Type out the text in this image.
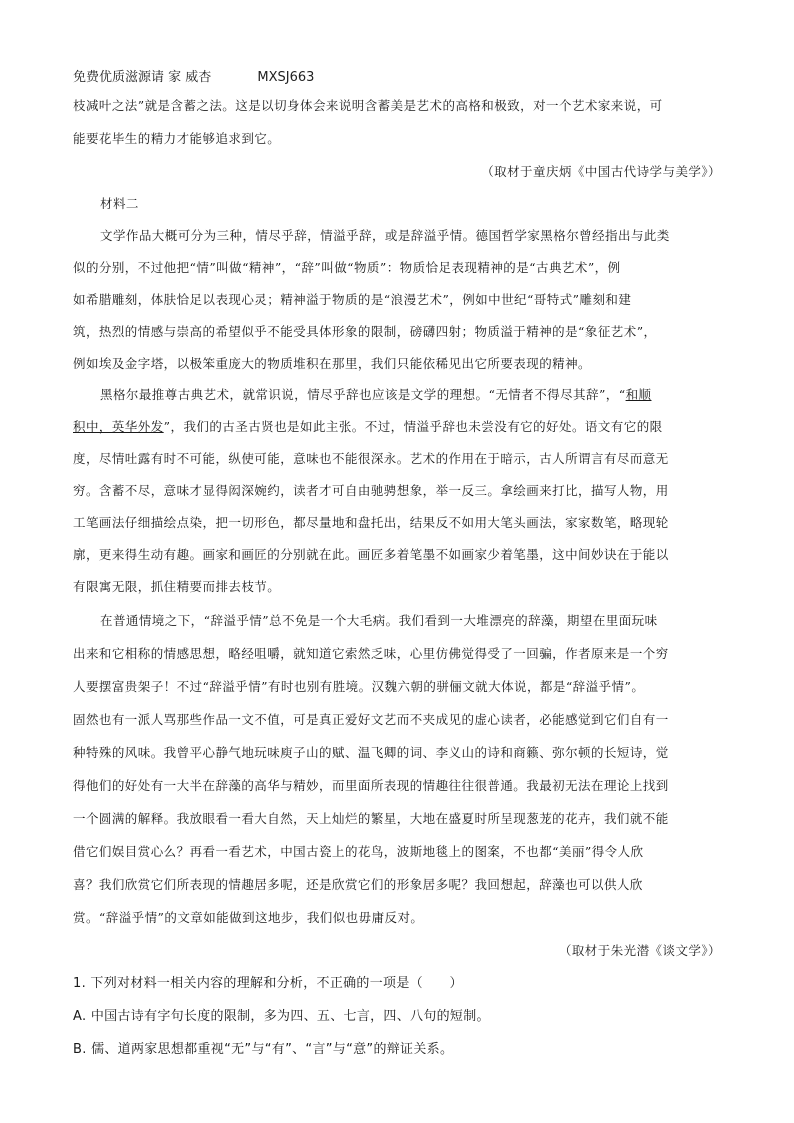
免费优质滋源请 家 威杏	MXSJ663
枝减叶之法”就是含蓄之法。这是以切身体会来说明含蓄美是艺术的高格和极致，对一个艺术家来说，可
能要花毕生的精力才能够追求到它。
（取材于童庆炳《中国古代诗学与美学》）
材料二
文学作品大概可分为三种，情尽乎辞，情溢乎辞，或是辞溢乎情。德国哲学家黑格尔曾经指出与此类
似的分别，不过他把“情”叫做“精神”，“辞”叫做“物质”：物质恰足表现精神的是“古典艺术”，例
如希腊雕刻，体肤恰足以表现心灵；精神溢于物质的是“浪漫艺术”，例如中世纪“哥特式”雕刻和建
筑，热烈的情感与崇高的希望似乎不能受具体形象的限制，磅礴四射；物质溢于精神的是“象征艺术”，
例如埃及金字塔，以极笨重庞大的物质堆积在那里，我们只能依稀见出它所要表现的精神。
黑格尔最推尊古典艺术，就常识说，情尽乎辞也应该是文学的理想。“无情者不得尽其辞”，“和顺
积中，英华外发”，我们的古圣古贤也是如此主张。不过，情溢乎辞也未尝没有它的好处。语文有它的限
度，尽情吐露有时不可能，纵使可能，意味也不能很深永。艺术的作用在于暗示，古人所谓言有尽而意无
穷。含蓄不尽，意味才显得闳深婉约，读者才可自由驰骋想象，举一反三。拿绘画来打比，描写人物，用
工笔画法仔细描绘点染，把一切形色，都尽量地和盘托出，结果反不如用大笔头画法，家家数笔，略现轮
廓，更来得生动有趣。画家和画匠的分别就在此。画匠多着笔墨不如画家少着笔墨，这中间妙诀在于能以
有限寓无限，抓住精要而排去枝节。
在普通情境之下，“辞溢乎情”总不免是一个大毛病。我们看到一大堆漂亮的辞藻，期望在里面玩味
出来和它相称的情感思想，略经咀嚼，就知道它索然乏味，心里仿佛觉得受了一回骗，作者原来是一个穷
人要摆富贵架子！不过“辞溢乎情”有时也别有胜境。汉魏六朝的骈俪文就大体说，都是“辞溢乎情”。
固然也有一派人骂那些作品一文不值，可是真正爱好文艺而不夹成见的虚心读者，必能感觉到它们自有一
种特殊的风味。我曾平心静气地玩味庾子山的赋、温飞卿的词、李义山的诗和商籁、弥尔顿的长短诗，觉
得他们的好处有一大半在辞藻的高华与精妙，而里面所表现的情趣往往很普通。我最初无法在理论上找到
一个圆满的解释。我放眼看一看大自然，天上灿烂的繁星，大地在盛夏时所呈现葱茏的花卉，我们就不能
借它们娱目赏心么？再看一看艺术，中国古瓷上的花鸟，波斯地毯上的图案，不也都“美丽”得令人欣
喜？我们欣赏它们所表现的情趣居多呢，还是欣赏它们的形象居多呢？我回想起，辞藻也可以供人欣
赏。“辞溢乎情”的文章如能做到这地步，我们似也毋庸反对。
（取材于朱光潜《谈文学》）
1. 下列对材料一相关内容的理解和分析，不正确的一项是（　　）
A. 中国古诗有字句长度的限制，多为四、五、七言，四、八句的短制。
B. 儒、道两家思想都重视“无”与“有”、“言”与“意”的辩证关系。
